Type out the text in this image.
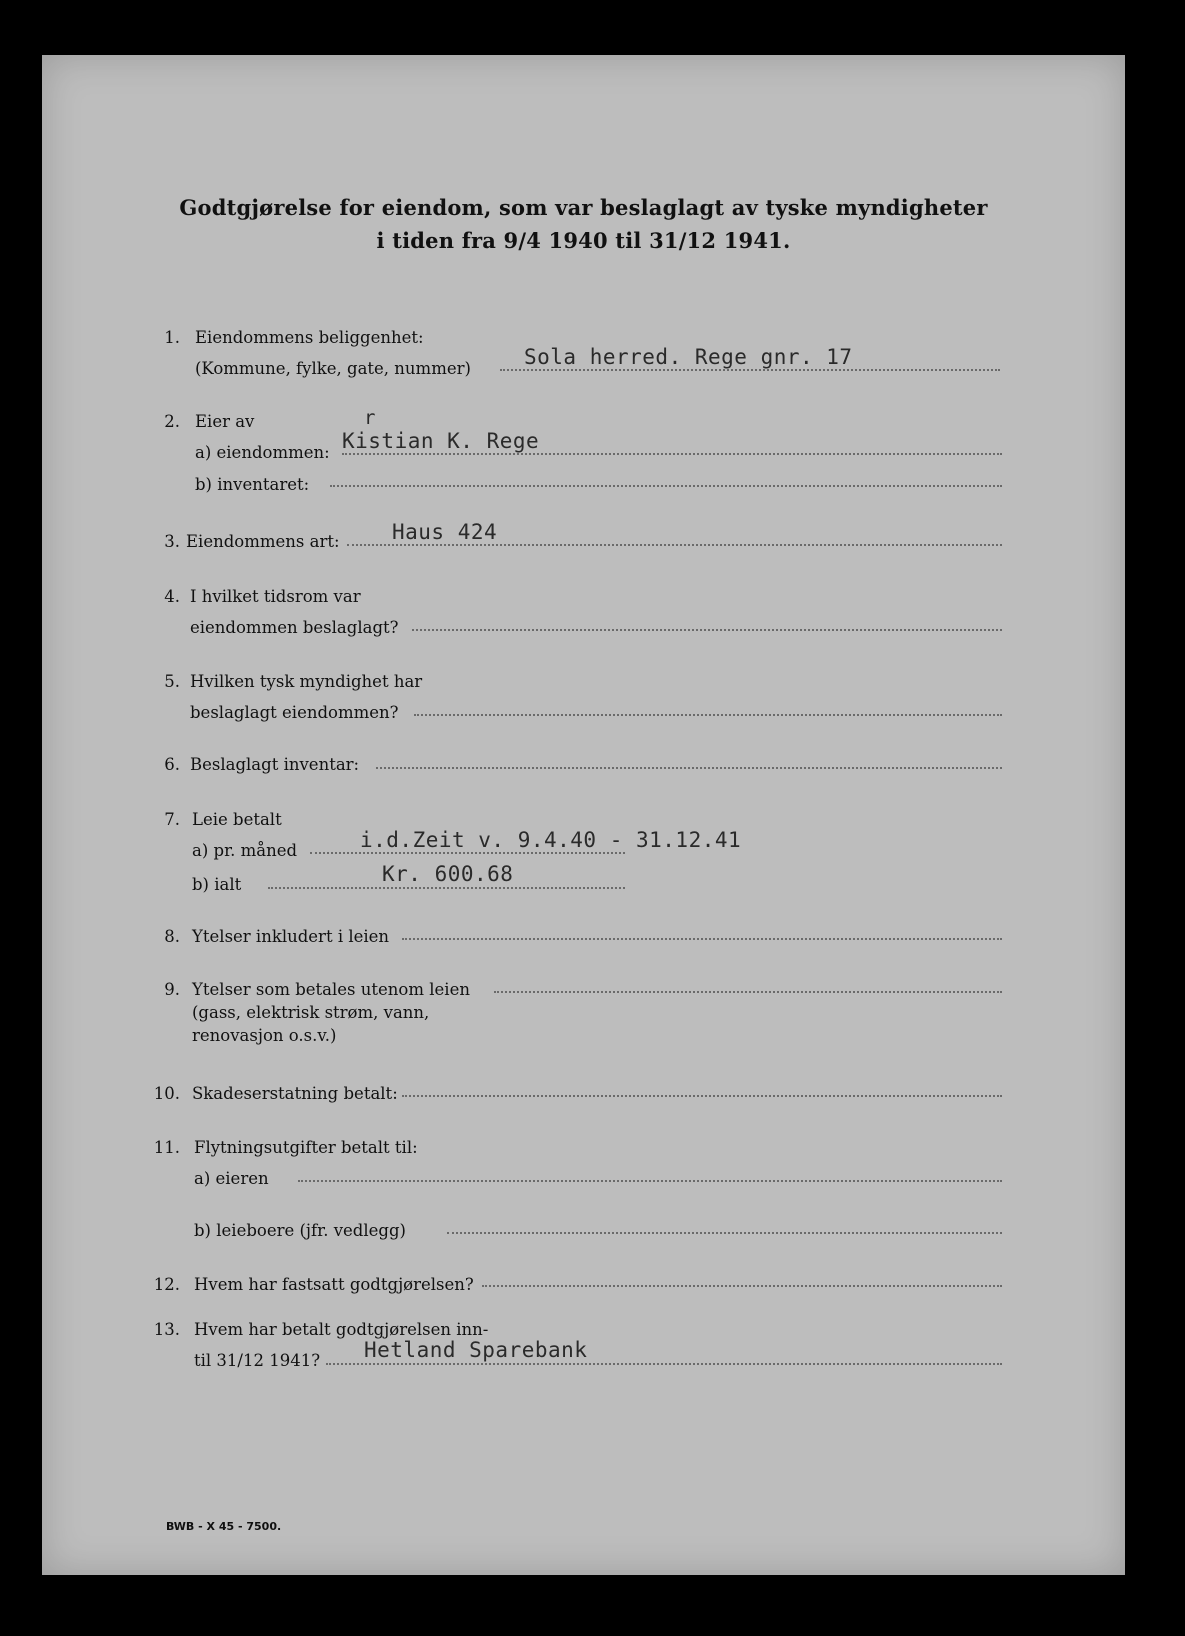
Godtgjørelse for eiendom, som var beslaglagt av tyske myndigheter
i tiden fra 9/4 1940 til 31/12 1941.
1. Eiendommens beliggenhet:
(Kommune, fylke, gate, nummer)	Sola herred. Rege gnr. 17
2. Eier av
a) eiendommen: Kistian K. Rege
r
b) inventaret:
3. Eiendommens art: Haus 424
4. I hvilket tidsrom var
eiendommen beslaglagt?
5. Hvilken tysk myndighet har
beslaglagt eiendommen?
6. Beslaglagt inventar:
7. Leie betalt
a) pr. måned	i.d.Zeit v. 9.4.40 - 31.12.41
b) ialt	Kr. 600.68
8. Ytelser inkludert i leien
9. Ytelser som betales utenom leien
(gass, elektrisk strøm, vann,
renovasjon o.s.v.)
10. Skadeserstatning betalt:
11. Flytningsutgifter betalt til:
a) eieren
b) leieboere (jfr. vedlegg)
12. Hvem har fastsatt godtgjørelsen?
13. Hvem har betalt godtgjørelsen inn-
til 31/12 1941? Hetland Sparebank
BWB - X 45 - 7500.
